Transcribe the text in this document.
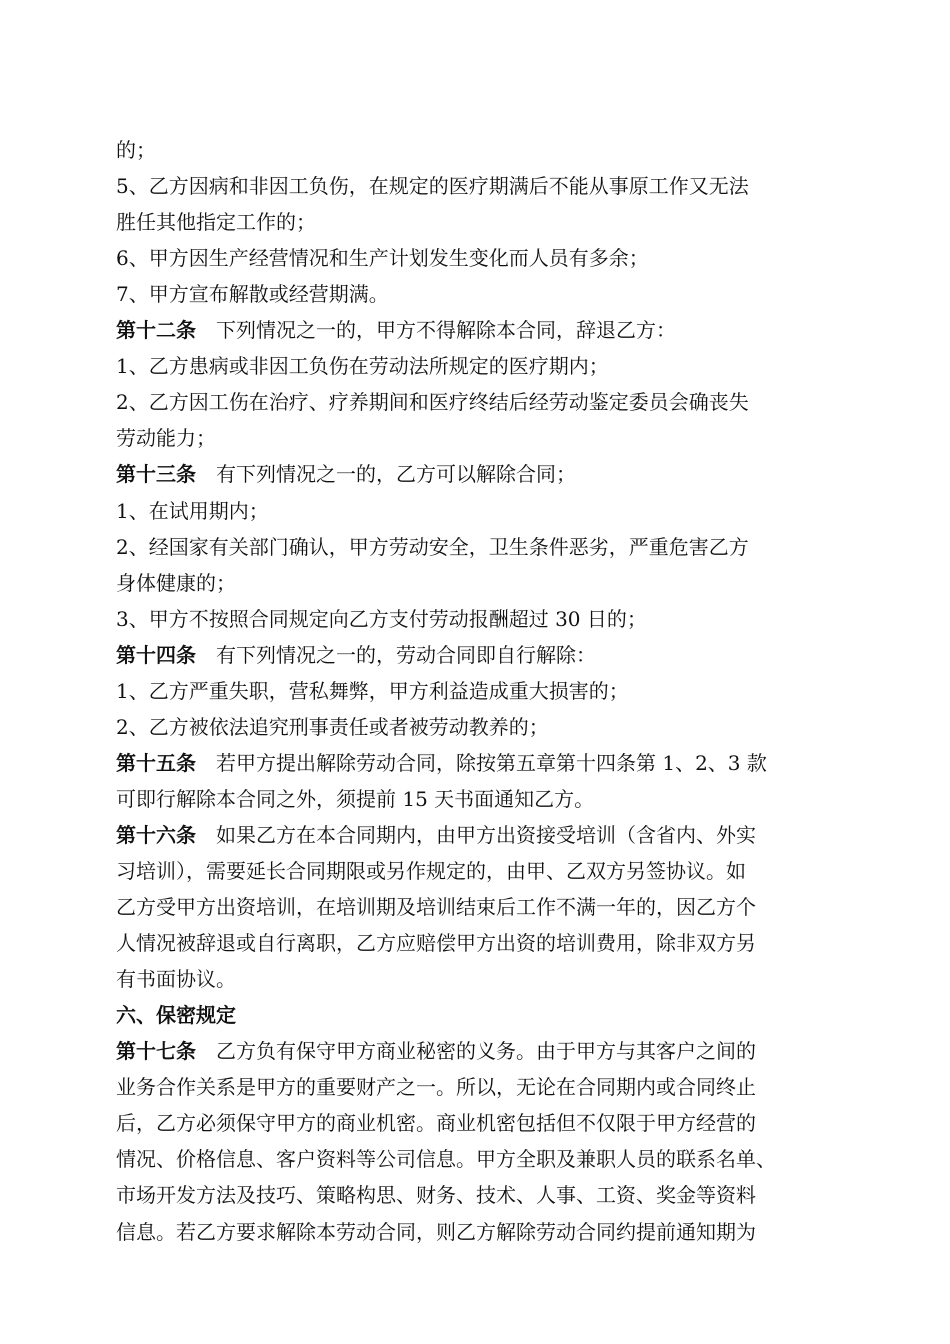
的；
5、乙方因病和非因工负伤，在规定的医疗期满后不能从事原工作又无法
胜任其他指定工作的；
6、甲方因生产经营情况和生产计划发生变化而人员有多余；
7、甲方宣布解散或经营期满。
第十二条　下列情况之一的，甲方不得解除本合同，辞退乙方：
1、乙方患病或非因工负伤在劳动法所规定的医疗期内；
2、乙方因工伤在治疗、疗养期间和医疗终结后经劳动鉴定委员会确丧失
劳动能力；
第十三条　有下列情况之一的，乙方可以解除合同；
1、在试用期内；
2、经国家有关部门确认，甲方劳动安全，卫生条件恶劣，严重危害乙方
身体健康的；
3、甲方不按照合同规定向乙方支付劳动报酬超过 30 日的；
第十四条　有下列情况之一的，劳动合同即自行解除：
1、乙方严重失职，营私舞弊，甲方利益造成重大损害的；
2、乙方被依法追究刑事责任或者被劳动教养的；
第十五条　若甲方提出解除劳动合同，除按第五章第十四条第 1、2、3 款
可即行解除本合同之外，须提前 15 天书面通知乙方。
第十六条　如果乙方在本合同期内，由甲方出资接受培训（含省内、外实
习培训），需要延长合同期限或另作规定的，由甲、乙双方另签协议。如
乙方受甲方出资培训，在培训期及培训结束后工作不满一年的，因乙方个
人情况被辞退或自行离职，乙方应赔偿甲方出资的培训费用，除非双方另
有书面协议。
六、保密规定
第十七条　乙方负有保守甲方商业秘密的义务。由于甲方与其客户之间的
业务合作关系是甲方的重要财产之一。所以，无论在合同期内或合同终止
后，乙方必须保守甲方的商业机密。商业机密包括但不仅限于甲方经营的
情况、价格信息、客户资料等公司信息。甲方全职及兼职人员的联系名单、
市场开发方法及技巧、策略构思、财务、技术、人事、工资、奖金等资料
信息。若乙方要求解除本劳动合同，则乙方解除劳动合同约提前通知期为
